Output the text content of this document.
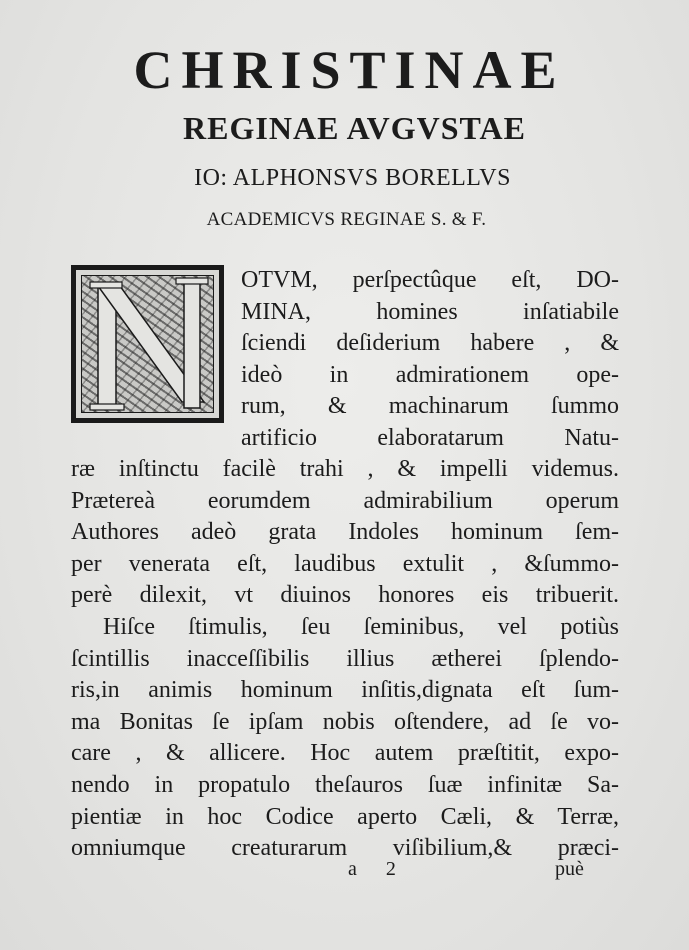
CHRISTINAE
REGINAE AVGVSTAE
IO: ALPHONSVS BORELLVS
ACADEMICVS REGINAE S. & F.
OTVM, perſpectûque eſt, DO-
MINA, homines inſatiabile
ſciendi deſiderium habere , &
ideò in admirationem ope-
rum, & machinarum ſummo
artificio elaboratarum Natu-
ræ inſtinctu facilè trahi , & impelli videmus.
Prætereà eorumdem admirabilium operum
Authores adeò grata Indoles hominum ſem-
per venerata eſt, laudibus extulit , &ſummo-
perè dilexit, vt diuinos honores eis tribuerit.
Hiſce ſtimulis, ſeu ſeminibus, vel potiùs
ſcintillis inacceſſibilis illius ætherei ſplendo-
ris,in animis hominum inſitis,dignata eſt ſum-
ma Bonitas ſe ipſam nobis oſtendere, ad ſe vo-
care , & allicere. Hoc autem præſtitit, expo-
nendo in propatulo theſauros ſuæ infinitæ Sa-
pientiæ in hoc Codice aperto Cæli, & Terræ,
omniumque creaturarum viſibilium,& præci-
a 2	puè
